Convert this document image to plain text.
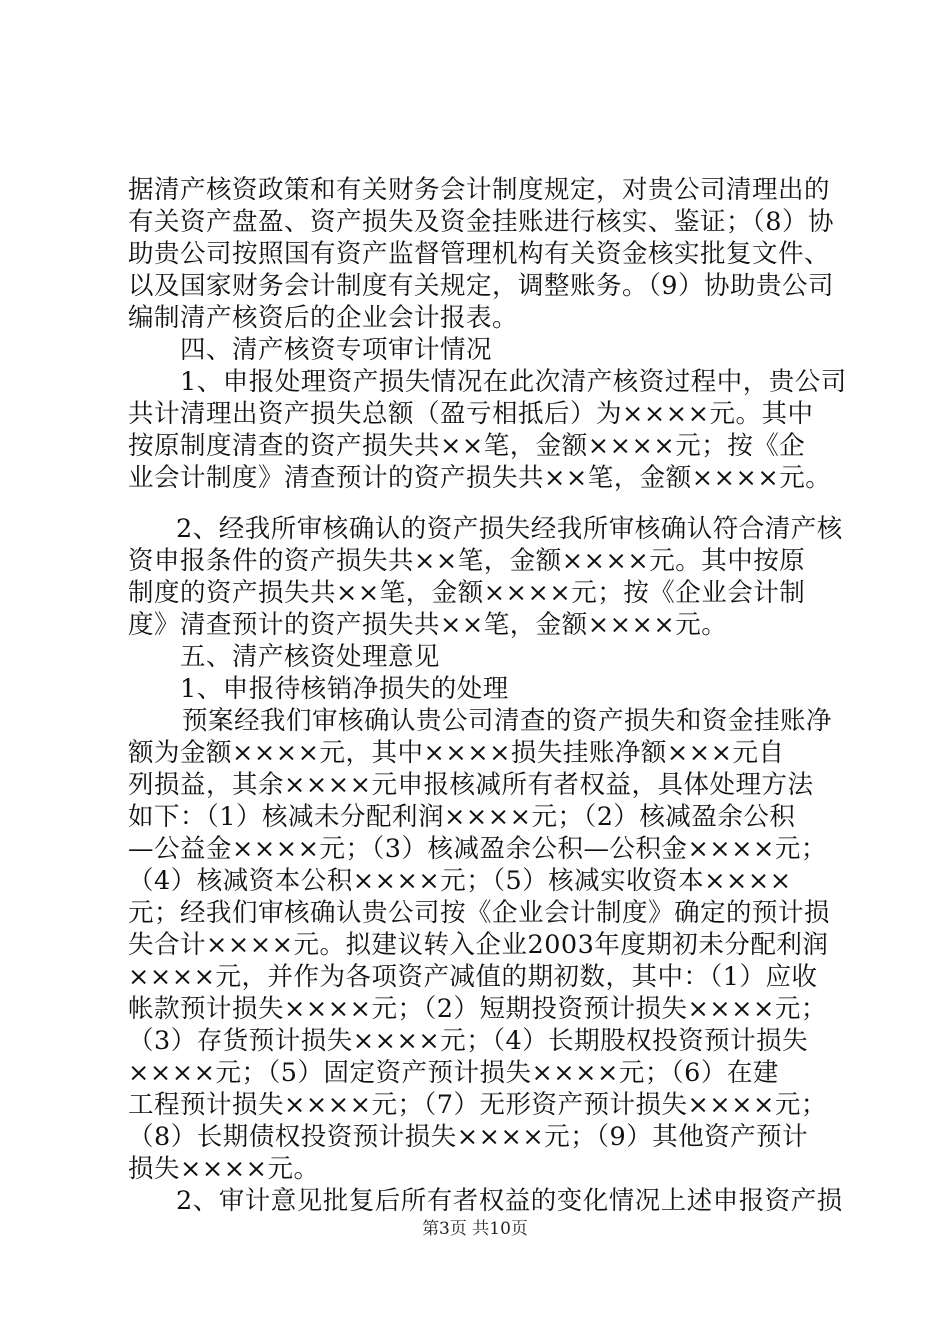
据清产核资政策和有关财务会计制度规定，对贵公司清理出的
有关资产盘盈、资产损失及资金挂账进行核实、鉴证；（8）协
助贵公司按照国有资产监督管理机构有关资金核实批复文件、
以及国家财务会计制度有关规定，调整账务。（9）协助贵公司
编制清产核资后的企业会计报表。
四、清产核资专项审计情况
1、申报处理资产损失情况在此次清产核资过程中，贵公司
共计清理出资产损失总额（盈亏相抵后）为××××元。其中
按原制度清查的资产损失共××笔，金额××××元；按《企
业会计制度》清查预计的资产损失共××笔，金额××××元。
2、经我所审核确认的资产损失经我所审核确认符合清产核
资申报条件的资产损失共××笔，金额××××元。其中按原
制度的资产损失共××笔，金额××××元；按《企业会计制
度》清查预计的资产损失共××笔，金额××××元。
五、清产核资处理意见
1、申报待核销净损失的处理
预案经我们审核确认贵公司清查的资产损失和资金挂账净
额为金额××××元，其中××××损失挂账净额×××元自
列损益，其余××××元申报核减所有者权益，具体处理方法
如下：（1）核减未分配利润××××元；（2）核减盈余公积
—公益金××××元；（3）核减盈余公积—公积金××××元；
（4）核减资本公积××××元；（5）核减实收资本××××
元；经我们审核确认贵公司按《企业会计制度》确定的预计损
失合计××××元。拟建议转入企业2003年度期初未分配利润
××××元，并作为各项资产减值的期初数，其中：（1）应收
帐款预计损失××××元；（2）短期投资预计损失××××元；
（3）存货预计损失××××元；（4）长期股权投资预计损失
××××元；（5）固定资产预计损失××××元；（6）在建
工程预计损失××××元；（7）无形资产预计损失××××元；
（8）长期债权投资预计损失××××元；（9）其他资产预计
损失××××元。
2、审计意见批复后所有者权益的变化情况上述申报资产损
第3页 共10页
